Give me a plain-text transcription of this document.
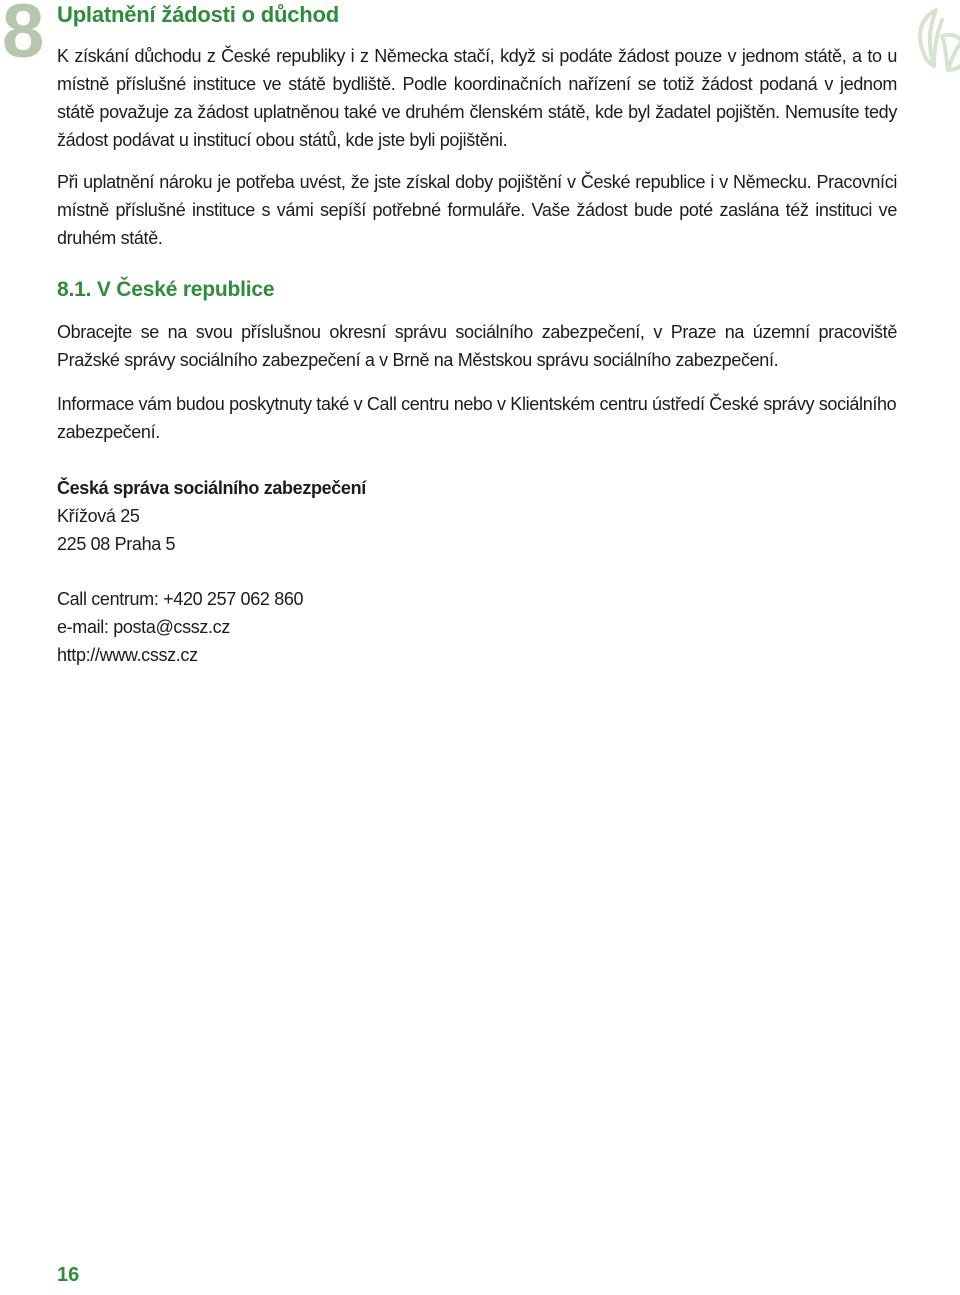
8 Uplatnění žádosti o důchod

K získání důchodu z České republiky i z Německa stačí, když si podáte žádost pouze v jednom státě, a to u místně příslušné instituce ve státě bydliště. Podle koordinačních nařízení se totiž žádost podaná v jednom státě považuje za žádost uplatněnou také ve druhém členském státě, kde byl žadatel pojištěn. Nemusíte tedy žádost podávat u institucí obou států, kde jste byli pojištěni.

Při uplatnění nároku je potřeba uvést, že jste získal doby pojištění v České republice i v Německu. Pracovníci místně příslušné instituce s vámi sepíší potřebné formuláře. Vaše žádost bude poté zaslána též instituci ve druhém státě.

8.1. V České republice

Obracejte se na svou příslušnou okresní správu sociálního zabezpečení, v Praze na územní pracoviště Pražské správy sociálního zabezpečení a v Brně na Městskou správu sociálního zabezpečení.

Informace vám budou poskytnuty také v Call centru nebo v Klientském centru ústředí České správy sociálního zabezpečení.

Česká správa sociálního zabezpečení
Křížová 25
225 08 Praha 5
Call centrum: +420 257 062 860
e-mail: posta@cssz.cz
http://www.cssz.cz
16
